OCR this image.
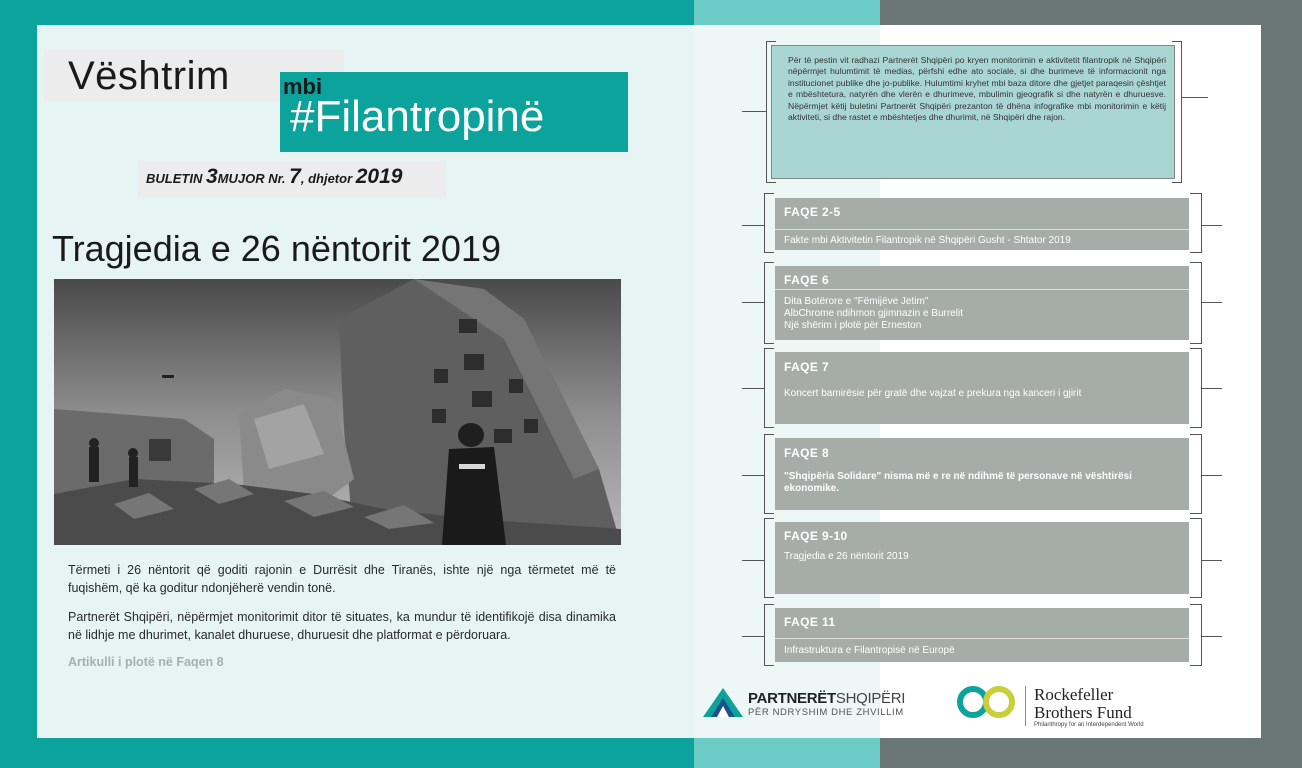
Vështrim mbi
#Filantropinë
BULETIN 3MUJOR Nr. 7, dhjetor 2019
Tragjedia e 26 nëntorit 2019
Tërmeti i 26 nëntorit që goditi rajonin e Durrësit dhe Tiranës, ishte një nga tërmetet më të fuqishëm, që ka goditur ndonjëherë vendin tonë.
Partnerët Shqipëri, nëpërmjet monitorimit ditor të situates, ka mundur të identifikojë disa dinamika në lidhje me dhurimet, kanalet dhuruese, dhuruesit dhe platformat e përdoruara.
Artikulli i plotë në Faqen 8
Për të pestin vit radhazi Partnerët Shqipëri po kryen monitorimin e aktivitetit filantropik në Shqipëri nëpërmjet hulumtimit të medias, përfshi edhe ato sociale, si dhe burimeve të informacionit nga institucionet publike dhe jo-publike. Hulumtimi kryhet mbi baza ditore dhe gjetjet paraqesin çështjet e mbështetura, natyrën dhe vlerën e dhurimeve, mbulimin gjeografik si dhe natyrën e dhuruesve. Nëpërmjet këtij buletini Partnerët Shqipëri prezanton të dhëna infografike mbi monitorimin e këtij aktiviteti, si dhe rastet e mbështetjes dhe dhurimit, në Shqipëri dhe rajon.
FAQE 2-5
Fakte mbi Aktivitetin Filantropik në Shqipëri Gusht - Shtator 2019
FAQE 6
Dita Botërore e "Fëmijëve Jetim"
AlbChrome ndihmon gjimnazin e Burrelit
Një shërim i plotë për Erneston
FAQE 7
Koncert bamirësie për gratë dhe vajzat e prekura nga kanceri i gjirit
FAQE 8
"Shqipëria Solidare" nisma më e re në ndihmë të personave në vështirësi ekonomike.
FAQE 9-10
Tragjedia e 26 nëntorit 2019
FAQE 11
Infrastruktura e Filantropisë në Europë
PARTNERËTSHQIPËRI
PËR NDRYSHIM DHE ZHVILLIM
Rockefeller
Brothers Fund
Philanthropy for an Interdependent World
